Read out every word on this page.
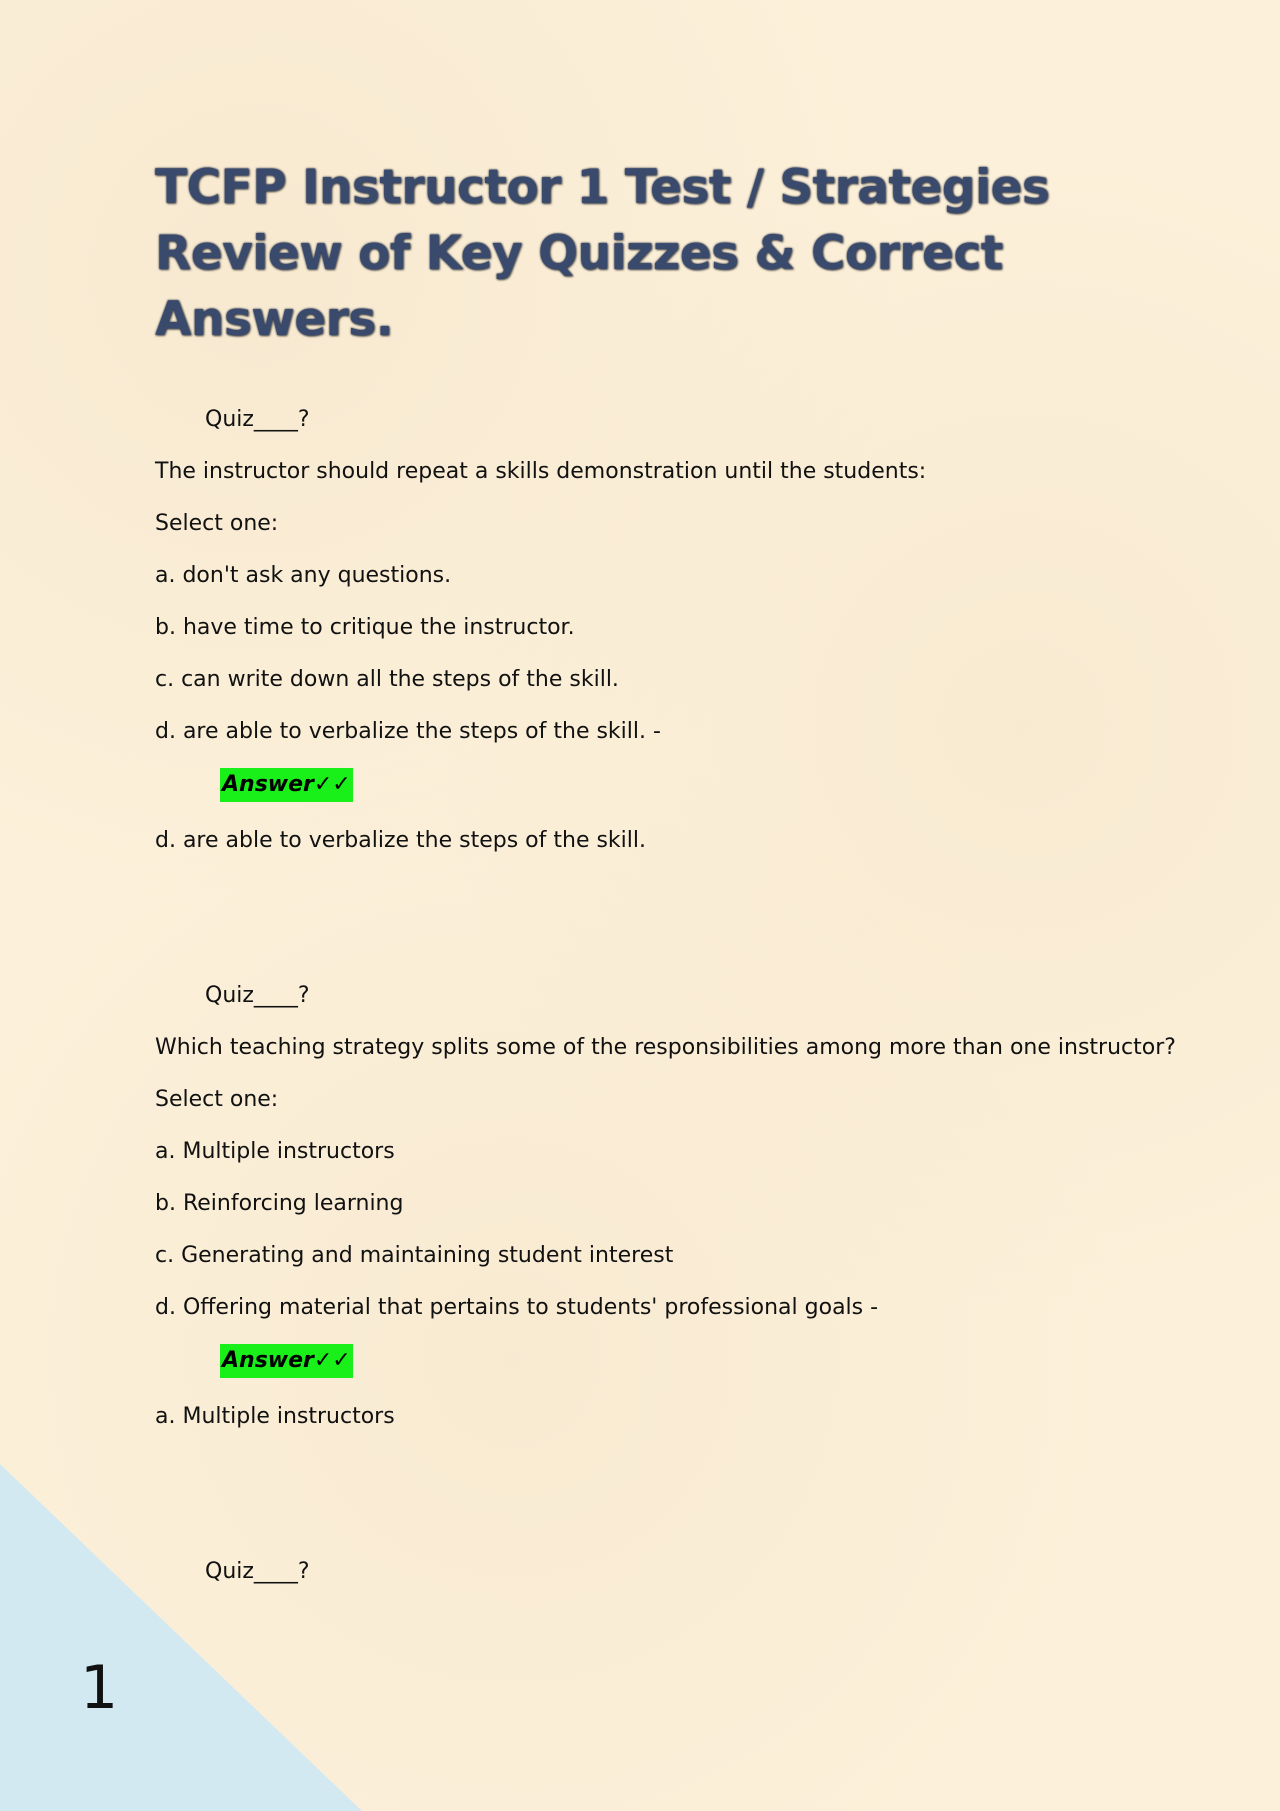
TCFP Instructor 1 Test / Strategies Review of Key Quizzes & Correct Answers.
Quiz____?
The instructor should repeat a skills demonstration until the students:
Select one:
a. don't ask any questions.
b. have time to critique the instructor.
c. can write down all the steps of the skill.
d. are able to verbalize the steps of the skill. -
Answer✓✓
d. are able to verbalize the steps of the skill.
Quiz____?
Which teaching strategy splits some of the responsibilities among more than one instructor?
Select one:
a. Multiple instructors
b. Reinforcing learning
c. Generating and maintaining student interest
d. Offering material that pertains to students' professional goals -
Answer✓✓
a. Multiple instructors
Quiz____?
1
